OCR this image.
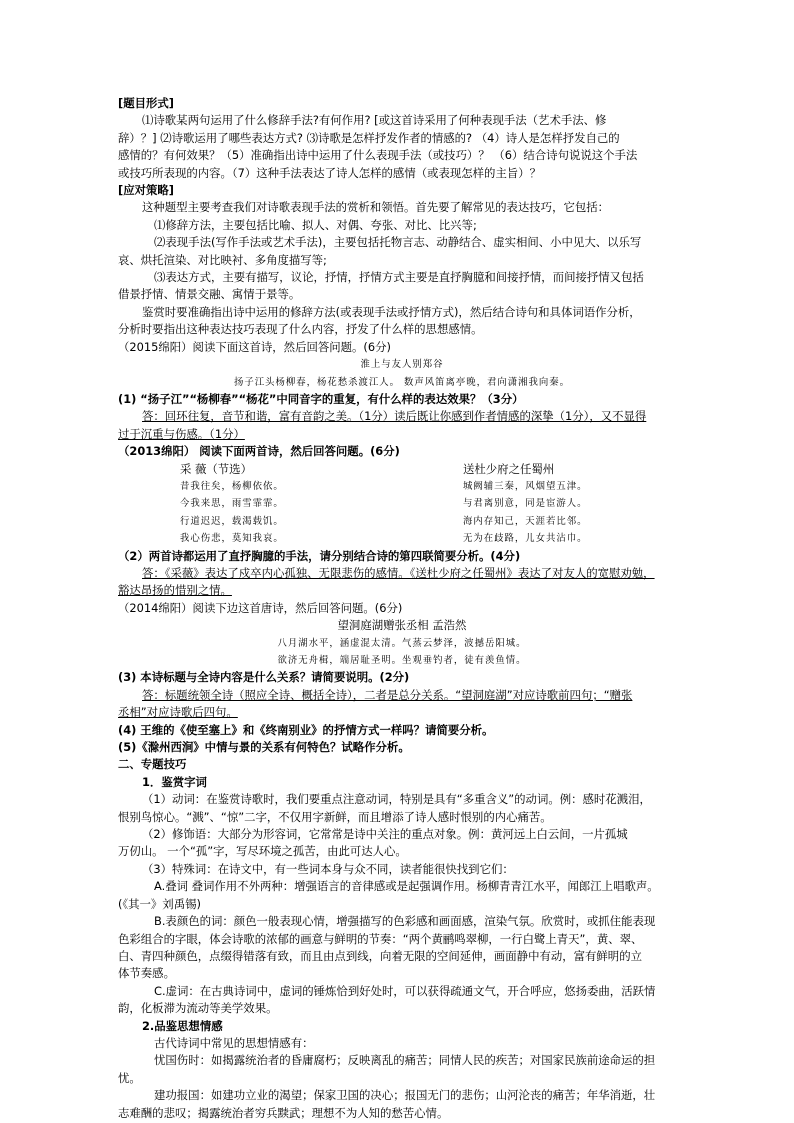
[题目形式]
⑴诗歌某两句运用了什么修辞手法?有何作用? [或这首诗采用了何种表现手法（艺术手法、修
辞）？] ⑵诗歌运用了哪些表达方式? ⑶诗歌是怎样抒发作者的情感的? （4）诗人是怎样抒发自己的
感情的？有何效果？（5）准确指出诗中运用了什么表现手法（或技巧）？ （6）结合诗句说说这个手法
或技巧所表现的内容。（7）这种手法表达了诗人怎样的感情（或表现怎样的主旨）？
[应对策略]
这种题型主要考查我们对诗歌表现手法的赏析和领悟。首先要了解常见的表达技巧，它包括：
⑴修辞方法，主要包括比喻、拟人、对偶、夸张、对比、比兴等;
⑵表现手法(写作手法或艺术手法)，主要包括托物言志、动静结合、虚实相间、小中见大、以乐写
哀、烘托渲染、对比映衬、多角度描写等;
⑶表达方式，主要有描写，议论，抒情，抒情方式主要是直抒胸臆和间接抒情，而间接抒情又包括
借景抒情、情景交融、寓情于景等。
鉴赏时要准确指出诗中运用的修辞方法(或表现手法或抒情方式)，然后结合诗句和具体词语作分析，
分析时要指出这种表达技巧表现了什么内容，抒发了什么样的思想感情。
（2015绵阳）阅读下面这首诗，然后回答问题。(6分)
淮上与友人别郑谷
扬子江头杨柳春，杨花愁杀渡江人。 数声风笛离亭晚，君向潇湘我向秦。
(1) “扬子江”“杨柳春”“杨花”中同音字的重复，有什么样的表达效果？（3分）
答：回环往复，音节和谐，富有音韵之美。（1分）读后既让你感到作者情感的深挚（1分），又不显得
过于沉重与伤感。（1分）
（2013绵阳） 阅读下面两首诗，然后回答问题。(6分)
采 薇（节选）	送杜少府之任蜀州
昔我往矣，杨柳依依。	城阙辅三秦，风烟望五津。
今我来思，雨雪霏霏。	与君离别意，同是宦游人。
行道迟迟，载渴载饥。	海内存知己，天涯若比邻。
我心伤悲，莫知我哀。	无为在歧路，儿女共沾巾。
（2）两首诗都运用了直抒胸臆的手法，请分别结合诗的第四联简要分析。(4分)
答：《采薇》表达了戍卒内心孤独、无限悲伤的感情。《送杜少府之任蜀州》表达了对友人的宽慰劝勉，
豁达昂扬的惜别之情。
（2014绵阳）阅读下边这首唐诗，然后回答问题。(6分)
望洞庭湖赠张丞相 孟浩然
八月湖水平，涵虚混太清。气蒸云梦泽，波撼岳阳城。
欲济无舟楫，端居耻圣明。坐观垂钓者，徒有羡鱼情。
(3) 本诗标题与全诗内容是什么关系？请简要说明。(2分)
答：标题统领全诗（照应全诗、概括全诗），二者是总分关系。“望洞庭湖”对应诗歌前四句；“赠张
丞相”对应诗歌后四句。
(4) 王维的《使至塞上》和《终南别业》的抒情方式一样吗？请简要分析。
(5)《滁州西涧》中情与景的关系有何特色？试略作分析。
二、专题技巧
1．鉴赏字词
（1）动词：在鉴赏诗歌时，我们要重点注意动词，特别是具有“多重含义”的动词。例：感时花溅泪，
恨别鸟惊心。“溅”、“惊”二字，不仅用字新鲜，而且增添了诗人感时恨别的内心痛苦。
（2）修饰语：大部分为形容词，它常常是诗中关注的重点对象。例：黄河远上白云间，一片孤城
万仞山。 一个“孤”字，写尽环境之孤苦，由此可达人心。
（3）特殊词：在诗文中，有一些词本身与众不同，读者能很快找到它们：
A.叠词 叠词作用不外两种：增强语言的音律感或是起强调作用。杨柳青青江水平，闻郎江上唱歌声。
(《其一》刘禹锡)
B.表颜色的词：颜色一般表现心情，增强描写的色彩感和画面感，渲染气氛。欣赏时，或抓住能表现
色彩组合的字眼，体会诗歌的浓郁的画意与鲜明的节奏：“两个黄鹂鸣翠柳，一行白鹭上青天”，黄、翠、
白、青四种颜色，点缀得错落有致，而且由点到线，向着无限的空间延伸，画面静中有动，富有鲜明的立
体节奏感。
C.虚词：在古典诗词中，虚词的锤炼恰到好处时，可以获得疏通文气，开合呼应，悠扬委曲，活跃情
韵，化板滞为流动等美学效果。
2.品鉴思想情感
古代诗词中常见的思想情感有：
忧国伤时：如揭露统治者的昏庸腐朽；反映离乱的痛苦；同情人民的疾苦；对国家民族前途命运的担
忧。
建功报国：如建功立业的渴望；保家卫国的决心；报国无门的悲伤；山河沦丧的痛苦；年华消逝，壮
志难酬的悲叹；揭露统治者穷兵黩武；理想不为人知的愁苦心情。
